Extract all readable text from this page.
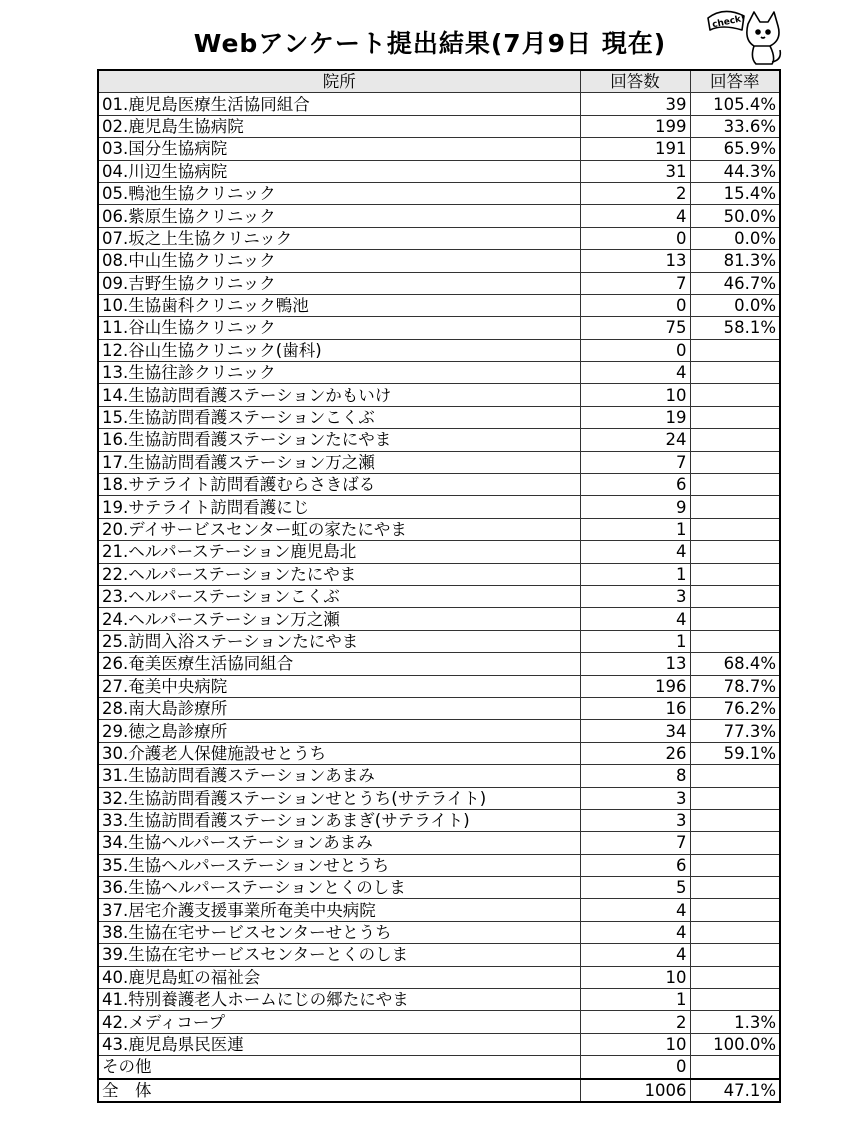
Webアンケート提出結果(7月9日 現在)
check!
院所	回答数	回答率
01.鹿児島医療生活協同組合	39	105.4%
02.鹿児島生協病院	199	33.6%
03.国分生協病院	191	65.9%
04.川辺生協病院	31	44.3%
05.鴨池生協クリニック	2	15.4%
06.紫原生協クリニック	4	50.0%
07.坂之上生協クリニック	0	0.0%
08.中山生協クリニック	13	81.3%
09.吉野生協クリニック	7	46.7%
10.生協歯科クリニック鴨池	0	0.0%
11.谷山生協クリニック	75	58.1%
12.谷山生協クリニック(歯科)	0	
13.生協往診クリニック	4	
14.生協訪問看護ステーションかもいけ	10	
15.生協訪問看護ステーションこくぶ	19	
16.生協訪問看護ステーションたにやま	24	
17.生協訪問看護ステーション万之瀬	7	
18.サテライト訪問看護むらさきばる	6	
19.サテライト訪問看護にじ	9	
20.デイサービスセンター虹の家たにやま	1	
21.ヘルパーステーション鹿児島北	4	
22.ヘルパーステーションたにやま	1	
23.ヘルパーステーションこくぶ	3	
24.ヘルパーステーション万之瀬	4	
25.訪問入浴ステーションたにやま	1	
26.奄美医療生活協同組合	13	68.4%
27.奄美中央病院	196	78.7%
28.南大島診療所	16	76.2%
29.徳之島診療所	34	77.3%
30.介護老人保健施設せとうち	26	59.1%
31.生協訪問看護ステーションあまみ	8	
32.生協訪問看護ステーションせとうち(サテライト)	3	
33.生協訪問看護ステーションあまぎ(サテライト)	3	
34.生協ヘルパーステーションあまみ	7	
35.生協ヘルパーステーションせとうち	6	
36.生協ヘルパーステーションとくのしま	5	
37.居宅介護支援事業所奄美中央病院	4	
38.生協在宅サービスセンターせとうち	4	
39.生協在宅サービスセンターとくのしま	4	
40.鹿児島虹の福祉会	10	
41.特別養護老人ホームにじの郷たにやま	1	
42.メディコープ	2	1.3%
43.鹿児島県民医連	10	100.0%
その他	0	
全　体	1006	47.1%
